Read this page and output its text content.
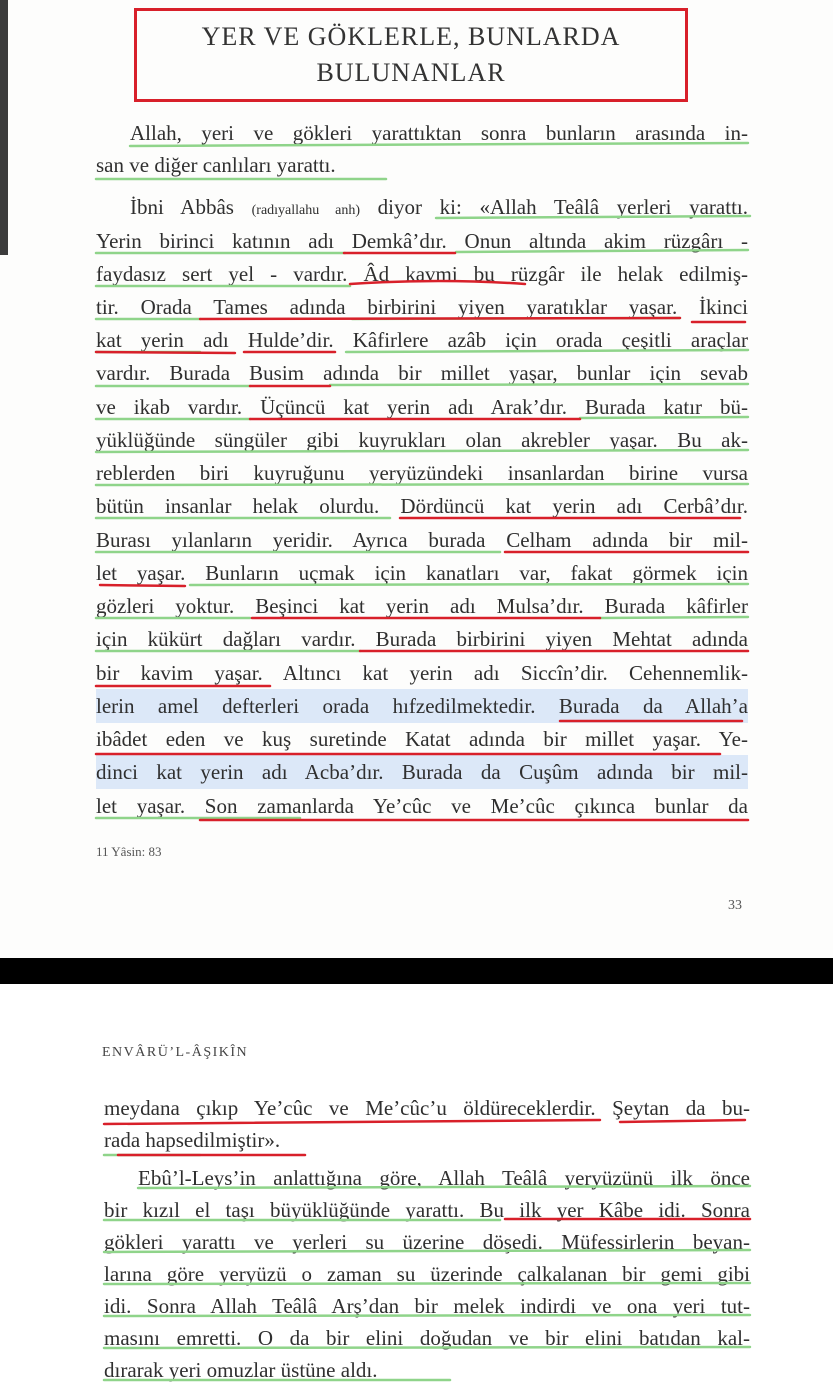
YER VE GÖKLERLE, BUNLARDA
BULUNANLAR
Allah, yeri ve gökleri yarattıktan sonra bunların arasında in-
san ve diğer canlıları yarattı.
İbni Abbâs (radıyallahu anh) diyor ki: «Allah Teâlâ yerleri yarattı.
Yerin birinci katının adı Demkâ’dır. Onun altında akim rüzgârı -
faydasız sert yel - vardır. Âd kavmi bu rüzgâr ile helak edilmiş-
tir. Orada Tames adında birbirini yiyen yaratıklar yaşar. İkinci
kat yerin adı Hulde’dir. Kâfirlere azâb için orada çeşitli araçlar
vardır. Burada Busim adında bir millet yaşar, bunlar için sevab
ve ikab vardır. Üçüncü kat yerin adı Arak’dır. Burada katır bü-
yüklüğünde süngüler gibi kuyrukları olan akrebler yaşar. Bu ak-
reblerden biri kuyruğunu yeryüzündeki insanlardan birine vursa
bütün insanlar helak olurdu. Dördüncü kat yerin adı Cerbâ’dır.
Burası yılanların yeridir. Ayrıca burada Celham adında bir mil-
let yaşar. Bunların uçmak için kanatları var, fakat görmek için
gözleri yoktur. Beşinci kat yerin adı Mulsa’dır. Burada kâfirler
için kükürt dağları vardır. Burada birbirini yiyen Mehtat adında
bir kavim yaşar. Altıncı kat yerin adı Siccîn’dir. Cehennemlik-
lerin amel defterleri orada hıfzedilmektedir. Burada da Allah’a
ibâdet eden ve kuş suretinde Katat adında bir millet yaşar. Ye-
dinci kat yerin adı Acba’dır. Burada da Cuşûm adında bir mil-
let yaşar. Son zamanlarda Ye’cûc ve Me’cûc çıkınca bunlar da
11 Yâsin: 83
33
ENVÂRÜ’L-ÂŞIKÎN
meydana çıkıp Ye’cûc ve Me’cûc’u öldüreceklerdir. Şeytan da bu-
rada hapsedilmiştir».
Ebû’l-Leys’in anlattığına göre, Allah Teâlâ yeryüzünü ilk önce
bir kızıl el taşı büyüklüğünde yarattı. Bu ilk yer Kâbe idi. Sonra
gökleri yarattı ve yerleri su üzerine döşedi. Müfessirlerin beyan-
larına göre yeryüzü o zaman su üzerinde çalkalanan bir gemi gibi
idi. Sonra Allah Teâlâ Arş’dan bir melek indirdi ve ona yeri tut-
masını emretti. O da bir elini doğudan ve bir elini batıdan kal-
dırarak yeri omuzlar üstüne aldı.
